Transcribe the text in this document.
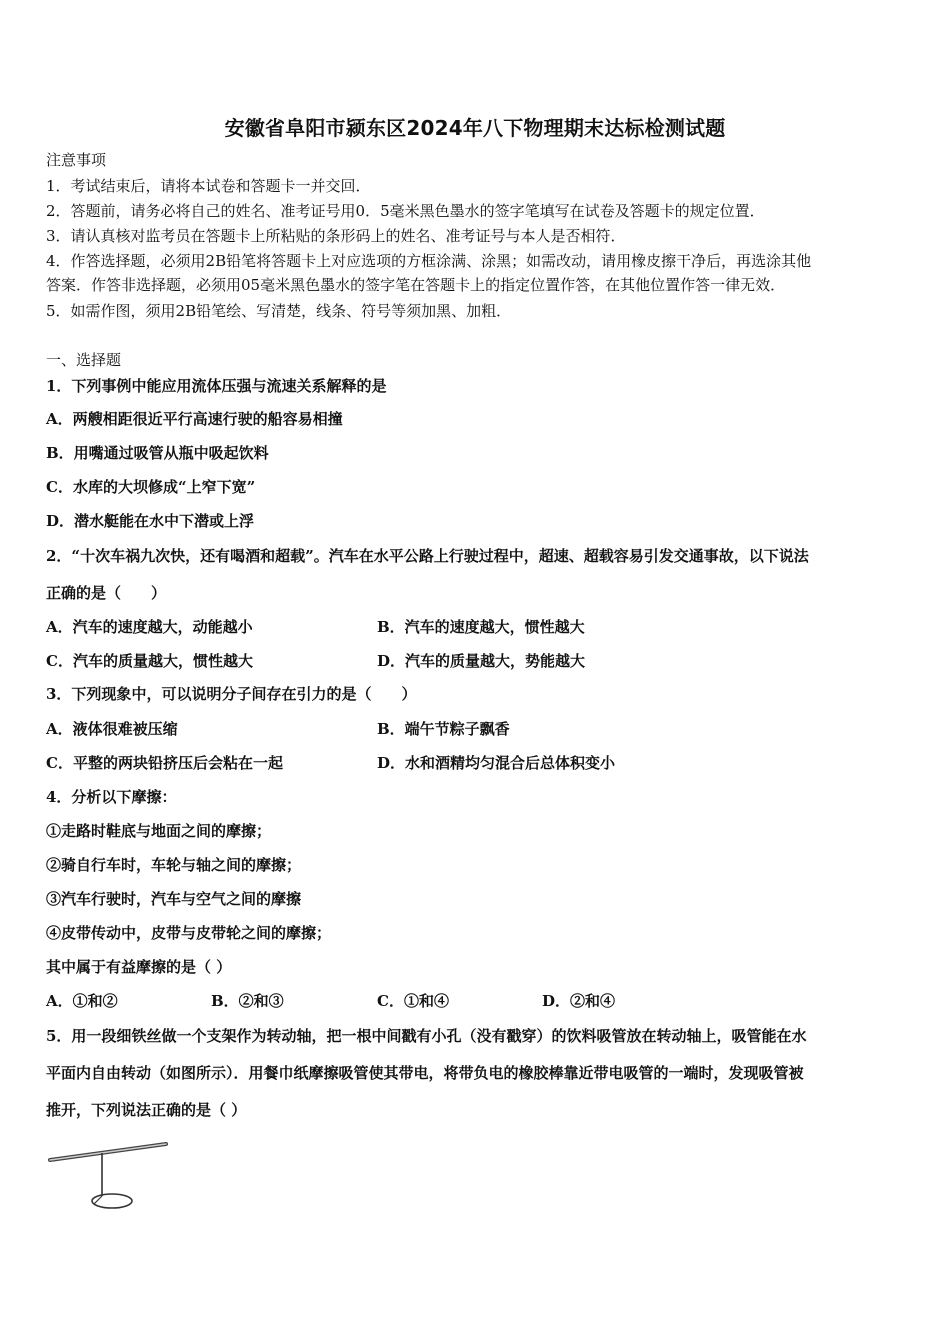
安徽省阜阳市颍东区2024年八下物理期末达标检测试题
注意事项
1．考试结束后，请将本试卷和答题卡一并交回．
2．答题前，请务必将自己的姓名、准考证号用0．5毫米黑色墨水的签字笔填写在试卷及答题卡的规定位置．
3．请认真核对监考员在答题卡上所粘贴的条形码上的姓名、准考证号与本人是否相符．
4．作答选择题，必须用2B铅笔将答题卡上对应选项的方框涂满、涂黑；如需改动，请用橡皮擦干净后，再选涂其他
答案．作答非选择题，必须用05毫米黑色墨水的签字笔在答题卡上的指定位置作答，在其他位置作答一律无效．
5．如需作图，须用2B铅笔绘、写清楚，线条、符号等须加黑、加粗．
一、选择题
1．下列事例中能应用流体压强与流速关系解释的是
A．两艘相距很近平行高速行驶的船容易相撞
B．用嘴通过吸管从瓶中吸起饮料
C．水库的大坝修成“上窄下宽”
D．潜水艇能在水中下潜或上浮
2．“十次车祸九次快，还有喝酒和超载”。汽车在水平公路上行驶过程中，超速、超载容易引发交通事故，以下说法
正确的是（　　）
A．汽车的速度越大，动能越小	B．汽车的速度越大，惯性越大
C．汽车的质量越大，惯性越大	D．汽车的质量越大，势能越大
3．下列现象中，可以说明分子间存在引力的是（　　）
A．液体很难被压缩	B．端午节粽子飘香
C．平整的两块铅挤压后会粘在一起	D．水和酒精均匀混合后总体积变小
4．分析以下摩擦：
①走路时鞋底与地面之间的摩擦；
②骑自行车时，车轮与轴之间的摩擦；
③汽车行驶时，汽车与空气之间的摩擦
④皮带传动中，皮带与皮带轮之间的摩擦；
其中属于有益摩擦的是（ ）
A．①和②	B．②和③	C．①和④	D．②和④
5．用一段细铁丝做一个支架作为转动轴，把一根中间戳有小孔（没有戳穿）的饮料吸管放在转动轴上，吸管能在水
平面内自由转动（如图所示）．用餐巾纸摩擦吸管使其带电，将带负电的橡胶棒靠近带电吸管的一端时，发现吸管被
推开，下列说法正确的是（ ）
